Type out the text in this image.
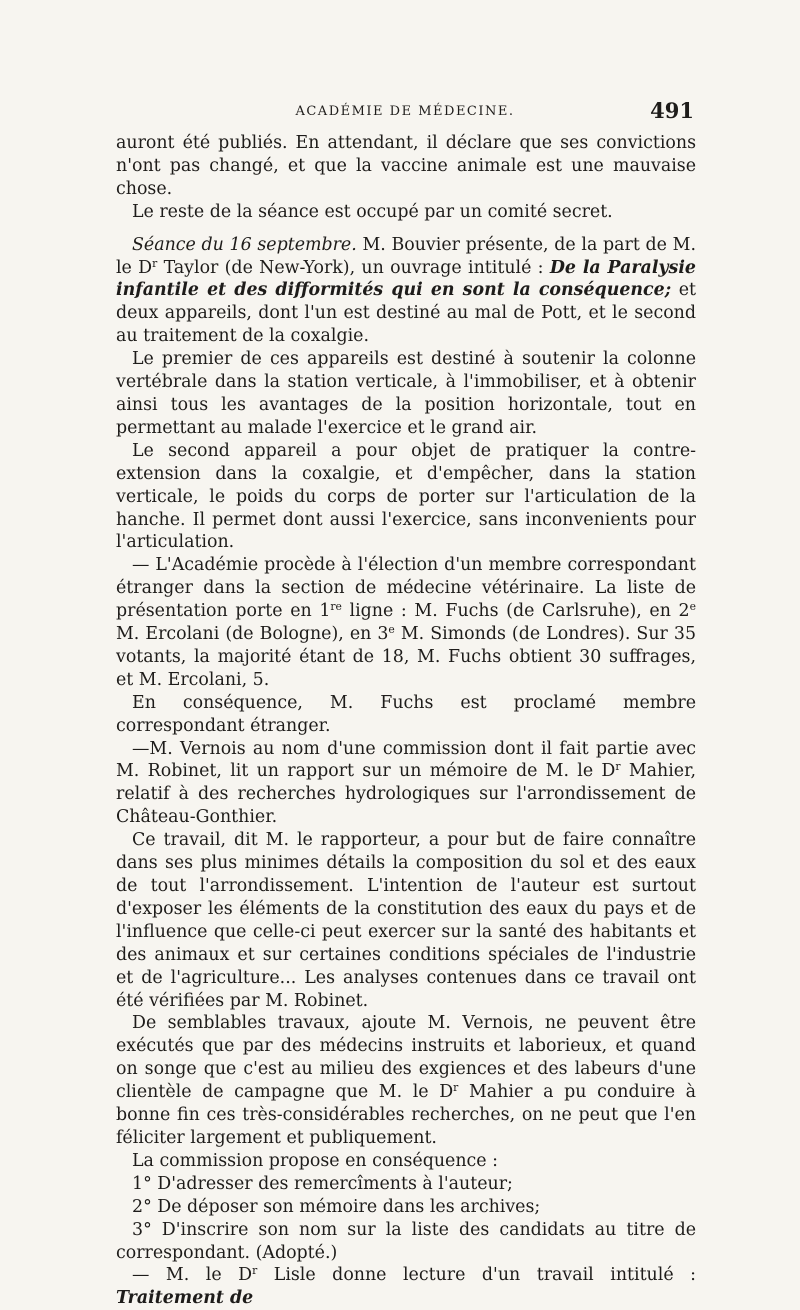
ACADÉMIE DE MÉDECINE.	491

auront été publiés. En attendant, il déclare que ses convictions n'ont pas changé, et que la vaccine animale est une mauvaise chose.

Le reste de la séance est occupé par un comité secret.

Séance du 16 septembre. M. Bouvier présente, de la part de M. le $D^r$ Taylor (de New-York), un ouvrage intitulé : De la Paralysie infantile et des difformités qui en sont la conséquence; et deux appareils, dont l'un est destiné au mal de Pott, et le second au traitement de la coxalgie.

Le premier de ces appareils est destiné à soutenir la colonne vertébrale dans la station verticale, à l'immobiliser, et à obtenir ainsi tous les avantages de la position horizontale, tout en permettant au malade l'exercice et le grand air.

Le second appareil a pour objet de pratiquer la contre-extension dans la coxalgie, et d'empêcher, dans la station verticale, le poids du corps de porter sur l'articulation de la hanche. Il permet dont aussi l'exercice, sans inconvenients pour l'articulation.

— L'Académie procède à l'élection d'un membre correspondant étranger dans la section de médecine vétérinaire. La liste de présentation porte en 1re ligne : M. Fuchs (de Carlsruhe), en 2e M. Ercolani (de Bologne), en 3e M. Simonds (de Londres). Sur 35 votants, la majorité étant de 18, M. Fuchs obtient 30 suffrages, et M. Ercolani, 5.

En conséquence, M. Fuchs est proclamé membre correspondant étranger.

—M. Vernois au nom d'une commission dont il fait partie avec M. Robinet, lit un rapport sur un mémoire de M. le $D^r$ Mahier, relatif à des recherches hydrologiques sur l'arrondissement de Château-Gonthier.

Ce travail, dit M. le rapporteur, a pour but de faire connaître dans ses plus minimes détails la composition du sol et des eaux de tout l'arrondissement. L'intention de l'auteur est surtout d'exposer les éléments de la constitution des eaux du pays et de l'influence que celle-ci peut exercer sur la santé des habitants et des animaux et sur certaines conditions spéciales de l'industrie et de l'agriculture... Les analyses contenues dans ce travail ont été vérifiées par M. Robinet.

De semblables travaux, ajoute M. Vernois, ne peuvent être exécutés que par des médecins instruits et laborieux, et quand on songe que c'est au milieu des exgiences et des labeurs d'une clientèle de campagne que M. le $D^r$ Mahier a pu conduire à bonne fin ces très-considérables recherches, on ne peut que l'en féliciter largement et publiquement.

La commission propose en conséquence :

1° D'adresser des remercîments à l'auteur;

2° De déposer son mémoire dans les archives;

3° D'inscrire son nom sur la liste des candidats au titre de correspondant. (Adopté.)

— M. le $D^r$ Lisle donne lecture d'un travail intitulé : Traitement de
